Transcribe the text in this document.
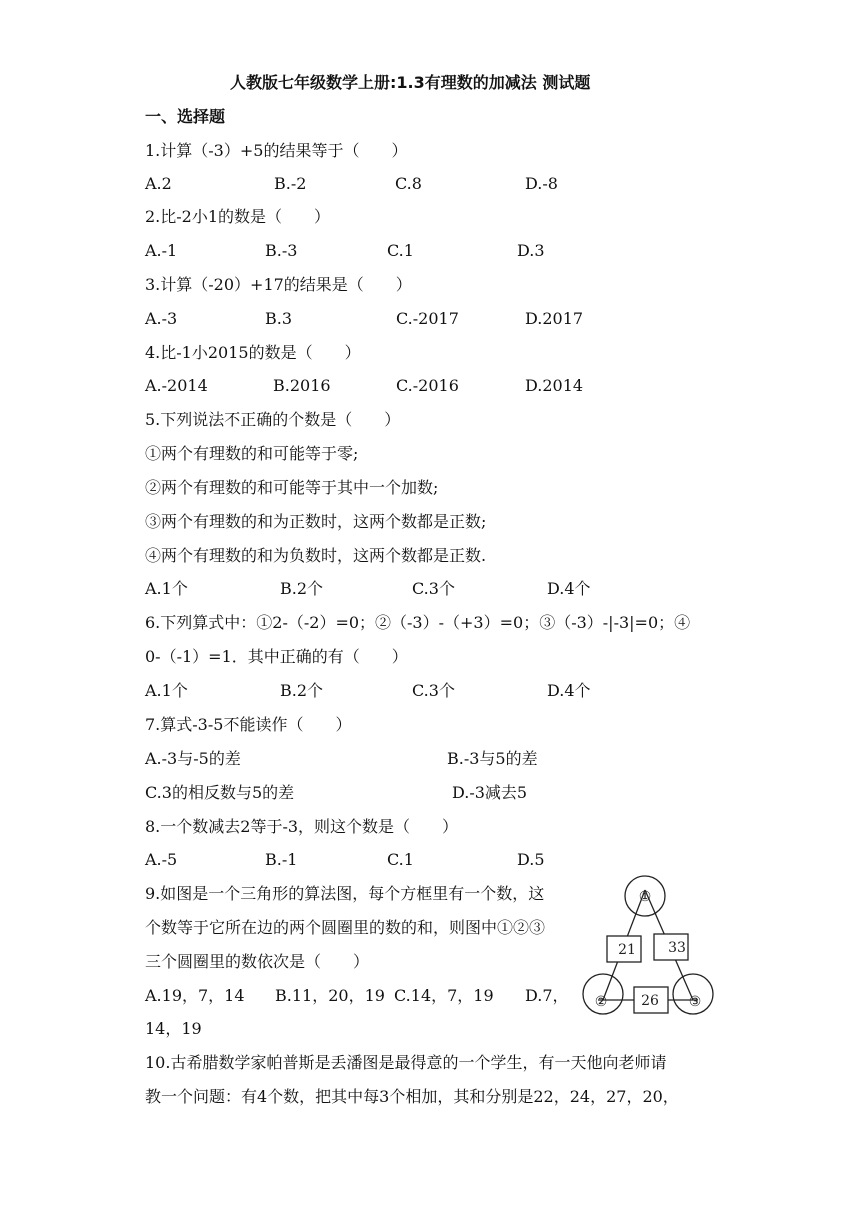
人教版七年级数学上册:1.3有理数的加减法 测试题
一、选择题
1.计算（-3）+5的结果等于（　　）
A.2	B.-2	C.8	D.-8
2.比-2小1的数是（　　）
A.-1	B.-3	C.1	D.3
3.计算（-20）+17的结果是（　　）
A.-3	B.3	C.-2017	D.2017
4.比-1小2015的数是（　　）
A.-2014	B.2016	C.-2016	D.2014
5.下列说法不正确的个数是（　　）
①两个有理数的和可能等于零;
②两个有理数的和可能等于其中一个加数;
③两个有理数的和为正数时，这两个数都是正数;
④两个有理数的和为负数时，这两个数都是正数.
A.1个	B.2个	C.3个	D.4个
6.下列算式中：①2-（-2）=0；②（-3）-（+3）=0；③（-3）-|-3|=0；④
0-（-1）=1．其中正确的有（　　）
A.1个	B.2个	C.3个	D.4个
7.算式-3-5不能读作（　　）
A.-3与-5的差	B.-3与5的差
C.3的相反数与5的差	D.-3减去5
8.一个数减去2等于-3，则这个数是（　　）
A.-5	B.-1	C.1	D.5
9.如图是一个三角形的算法图，每个方框里有一个数，这
个数等于它所在边的两个圆圈里的数的和，则图中①②③
三个圆圈里的数依次是（　　）
A.19，7，14 B.11，20，19 C.14，7，19 D.7，
14，19
①
②	③
21 33
26
10.古希腊数学家帕普斯是丢潘图是最得意的一个学生，有一天他向老师请
教一个问题：有4个数，把其中每3个相加，其和分别是22，24，27，20，
